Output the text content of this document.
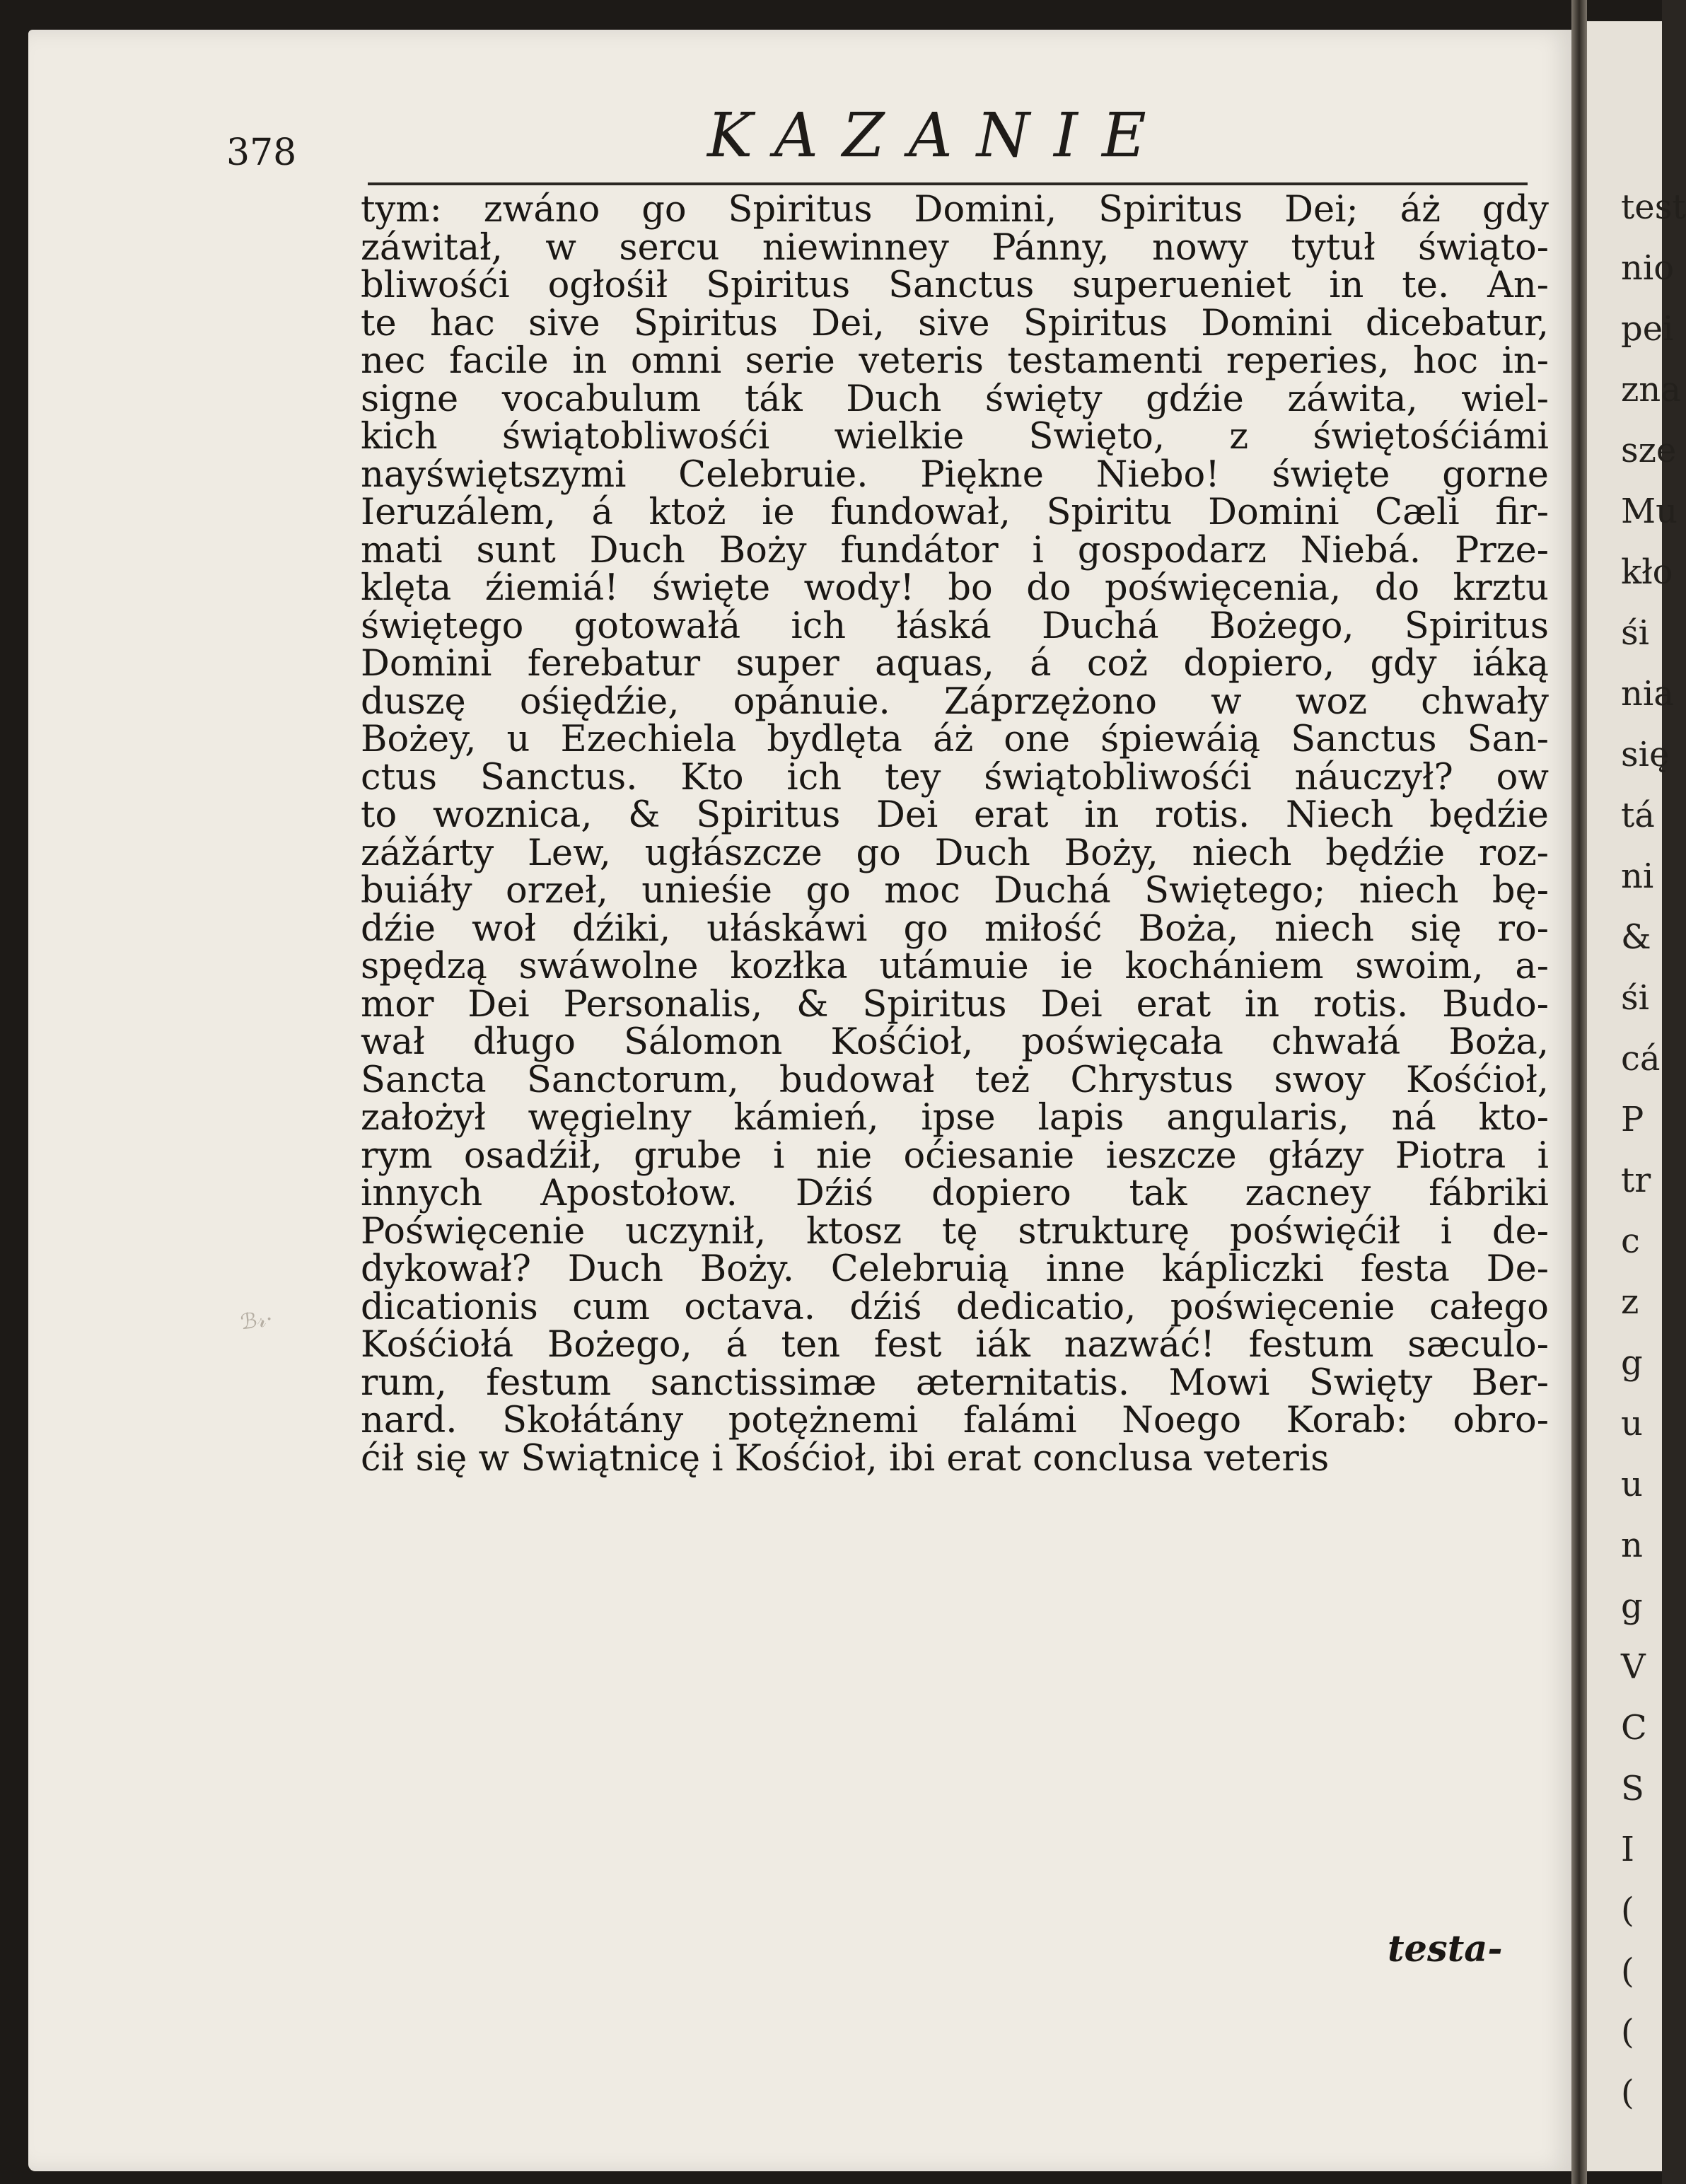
378	KAZANIE
tym: zwáno go Spiritus Domini, Spiritus Dei; áż gdy
záwitał, w sercu niewinney Pánny, nowy tytuł świąto-
bliwośći ogłośił Spiritus Sanctus superueniet in te. An-
te hac sive Spiritus Dei, sive Spiritus Domini dicebatur,
nec facile in omni serie veteris testamenti reperies, hoc in-
signe vocabulum ták Duch święty gdźie záwita, wiel-
kich świątobliwośći wielkie Swięto, z świętośćiámi
nayświętszymi Celebruie. Piękne Niebo! święte gorne
Ieruzálem, á ktoż ie fundował, Spiritu Domini Cæli fir-
mati sunt Duch Boży fundátor i gospodarz Niebá. Prze-
klęta źiemiá! święte wody! bo do poświęcenia, do krztu
świętego gotowałá ich łáská Duchá Bożego, Spiritus
Domini ferebatur super aquas, á coż dopiero, gdy iáką
duszę ośiędźie, opánuie. Záprzężono w woz chwały
Bożey, u Ezechiela bydlęta áż one śpiewáią Sanctus San-
ctus Sanctus. Kto ich tey świątobliwośći náuczył? ow
to woznica, & Spiritus Dei erat in rotis. Niech będźie
zážárty Lew, ugłászcze go Duch Boży, niech będźie roz-
buiáły orzeł, unieśie go moc Duchá Swiętego; niech bę-
dźie woł dźiki, ułáskáwi go miłość Boża, niech się ro-
spędzą swáwolne kozłka utámuie ie kochániem swoim, a-
mor Dei Personalis, & Spiritus Dei erat in rotis. Budo-
wał długo Sálomon Kośćioł, poświęcała chwałá Boża,
Sancta Sanctorum, budował też Chrystus swoy Kośćioł,
założył węgielny kámień, ipse lapis angularis, ná kto-
rym osadźił, grube i nie oćiesanie ieszcze głázy Piotra i
innych Apostołow. Dźiś dopiero tak zacney fábriki
Poświęcenie uczynił, ktosz tę strukturę poświęćił i de-
dykował? Duch Boży. Celebruią inne kápliczki festa De-
dicationis cum octava. dźiś dedicatio, poświęcenie całego
Kośćiołá Bożego, á ten fest iák nazwáć! festum sæculo-
rum, festum sanctissimæ æternitatis. Mowi Swięty Ber-
nard. Skołátány potężnemi falámi Noego Korab: obro-
ćił się w Swiątnicę i Kośćioł, ibi erat conclusa veteris
testa-
ℬ𝓇·
test
nio
pei
zna
sze
Mu
kło
śi
nia
się
tá
ni
&
śi
cá
P
tr
c
z
g
u
u
n
g
V
C
S
I
(
(
(
(
